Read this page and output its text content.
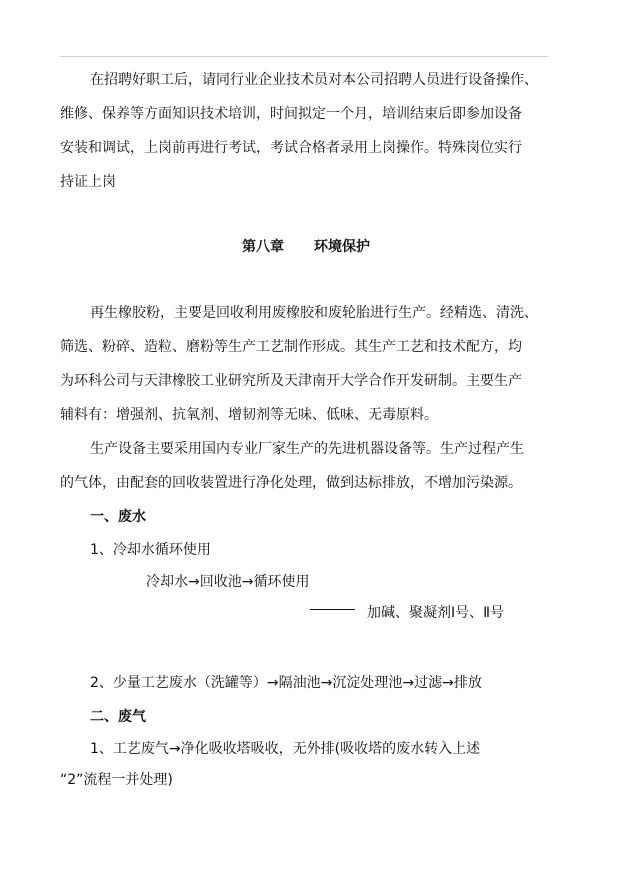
在招聘好职工后，请同行业企业技术员对本公司招聘人员进行设备操作、
维修、保养等方面知识技术培训，时间拟定一个月，培训结束后即参加设备
安装和调试，上岗前再进行考试，考试合格者录用上岗操作。特殊岗位实行
持证上岗
第八章 环境保护
再生橡胶粉，主要是回收利用废橡胶和废轮胎进行生产。经精选、清洗、
筛选、粉碎、造粒、磨粉等生产工艺制作形成。其生产工艺和技术配方，均
为环科公司与天津橡胶工业研究所及天津南开大学合作开发研制。主要生产
辅料有：增强剂、抗氧剂、增韧剂等无味、低味、无毒原料。
生产设备主要采用国内专业厂家生产的先进机器设备等。生产过程产生
的气体，由配套的回收装置进行净化处理，做到达标排放，不增加污染源。
一、废水
1、冷却水循环使用
冷却水→回收池→循环使用
加碱、聚凝剂Ⅰ号、Ⅱ号
2、少量工艺废水（洗罐等）→隔油池→沉淀处理池→过滤→排放
二、废气
1、工艺废气→净化吸收塔吸收，无外排(吸收塔的废水转入上述
“2”流程一并处理)
